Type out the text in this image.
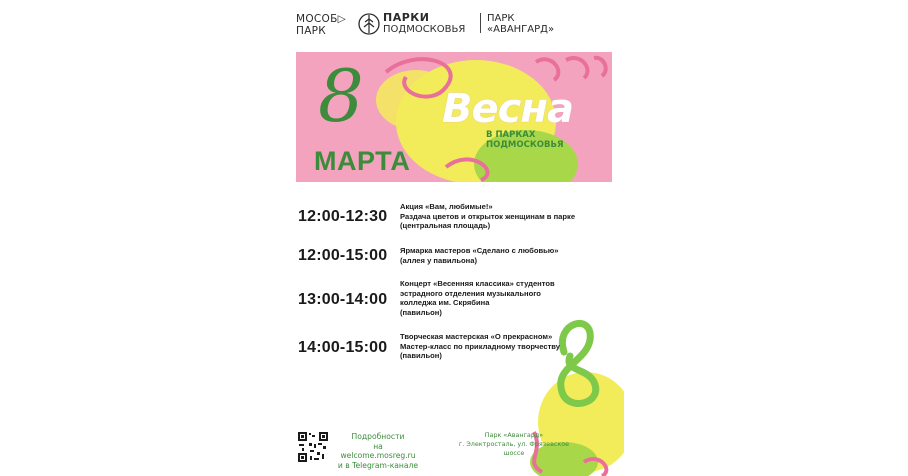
МОСОБ▷
ПАРК
ПАРКИ
ПОДМОСКОВЬЯ
ПАРК
«АВАНГАРД»
8
МАРТА
Весна
В ПАРКАХ
ПОДМОСКОВЬЯ
12:00-12:30
Акция «Вам, любимые!»
Раздача цветов и открыток женщинам в парке
(центральная площадь)
12:00-15:00 Ярмарка мастеров «Сделано с любовью»
(аллея у павильона)
13:00-14:00
Концерт «Весенняя классика» студентов
эстрадного отделения музыкального
колледжа им. Скрябина
(павильон)
14:00-15:00
Творческая мастерская «О прекрасном»
Мастер-класс по прикладному творчеству
(павильон)
Подробности
на welcome.mosreg.ru
и в Telegram-канале
Парк «Авангард»
г. Электросталь, ул. Фрязевское шоссе
